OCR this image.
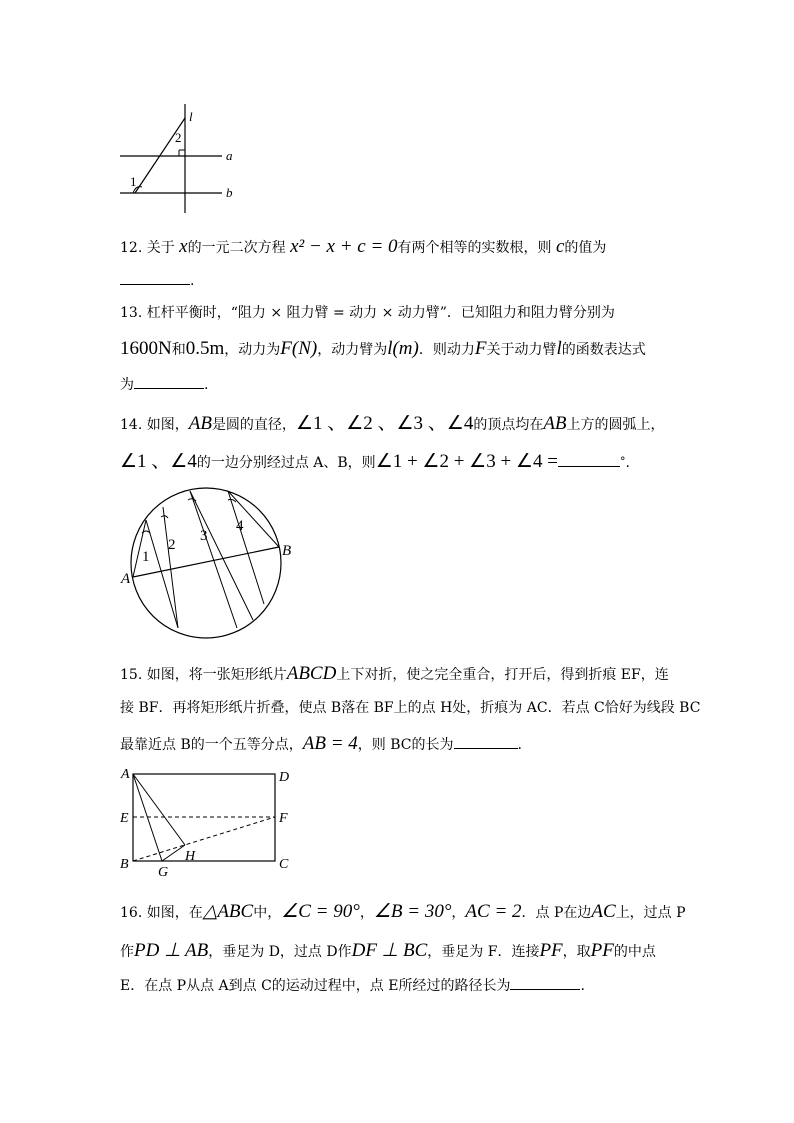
l
a
b
1
2
12. 关于 x的一元二次方程 x² − x + c = 0有两个相等的实数根，则 c的值为
.
13. 杠杆平衡时，“阻力 × 阻力臂 = 动力 × 动力臂”．已知阻力和阻力臂分别为
1600N和0.5m，动力为F(N)，动力臂为l(m)．则动力F关于动力臂l的函数表达式
为	.
14. 如图，AB是圆的直径，∠1 、∠2 、∠3 、∠4的顶点均在AB上方的圆弧上，
∠1 、∠4的一边分别经过点 A、B，则∠1 + ∠2 + ∠3 + ∠4 =	°.
A
B
1
2
3
4
15. 如图，将一张矩形纸片ABCD上下对折，使之完全重合，打开后，得到折痕 EF，连
接 BF．再将矩形纸片折叠，使点 B落在 BF上的点 H处，折痕为 AC．若点 C恰好为线段 BC
最靠近点 B的一个五等分点，AB = 4，则 BC的长为	.
A	D
E	F
B	C
G
H
16. 如图，在△ABC中，∠C = 90°，∠B = 30°，AC = 2．点 P在边AC上，过点 P
作PD ⊥ AB，垂足为 D，过点 D作DF ⊥ BC，垂足为 F．连接PF，取PF的中点
E．在点 P从点 A到点 C的运动过程中，点 E所经过的路径长为	.
